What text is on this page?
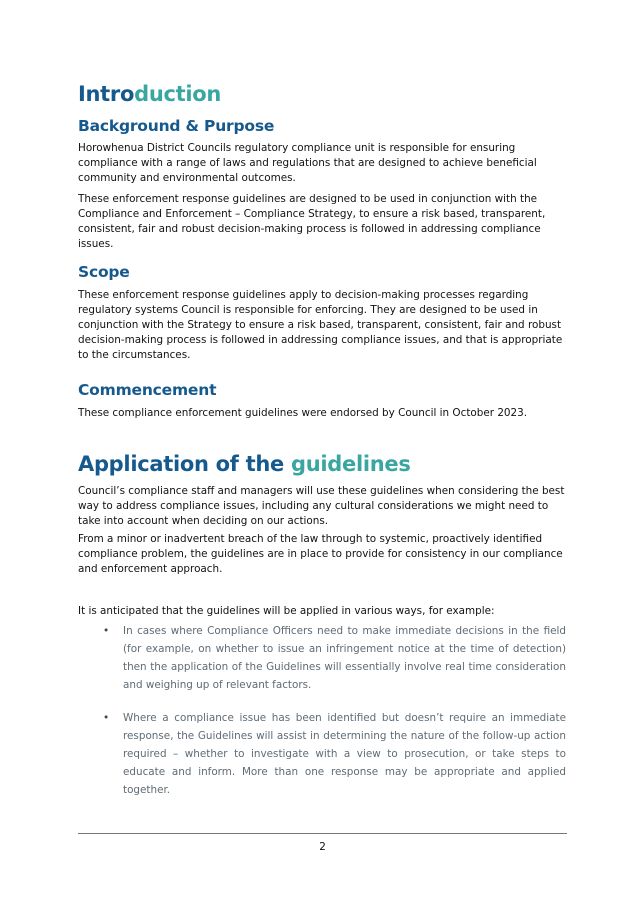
Introduction
Background & Purpose

Horowhenua District Councils regulatory compliance unit is responsible for ensuring compliance with a range of laws and regulations that are designed to achieve beneficial community and environmental outcomes.

These enforcement response guidelines are designed to be used in conjunction with the Compliance and Enforcement – Compliance Strategy, to ensure a risk based, transparent, consistent, fair and robust decision-making process is followed in addressing compliance issues.

Scope

These enforcement response guidelines apply to decision-making processes regarding regulatory systems Council is responsible for enforcing. They are designed to be used in conjunction with the Strategy to ensure a risk based, transparent, consistent, fair and robust decision-making process is followed in addressing compliance issues, and that is appropriate to the circumstances.

Commencement

These compliance enforcement guidelines were endorsed by Council in October 2023.

Application of the guidelines

Council’s compliance staff and managers will use these guidelines when considering the best way to address compliance issues, including any cultural considerations we might need to take into account when deciding on our actions.

From a minor or inadvertent breach of the law through to systemic, proactively identified compliance problem, the guidelines are in place to provide for consistency in our compliance and enforcement approach.

It is anticipated that the guidelines will be applied in various ways, for example:

• In cases where Compliance Officers need to make immediate decisions in the field (for example, on whether to issue an infringement notice at the time of detection) then the application of the Guidelines will essentially involve real time consideration and weighing up of relevant factors.

• Where a compliance issue has been identified but doesn’t require an immediate response, the Guidelines will assist in determining the nature of the follow-up action required – whether to investigate with a view to prosecution, or take steps to educate and inform. More than one response may be appropriate and applied together.

2
